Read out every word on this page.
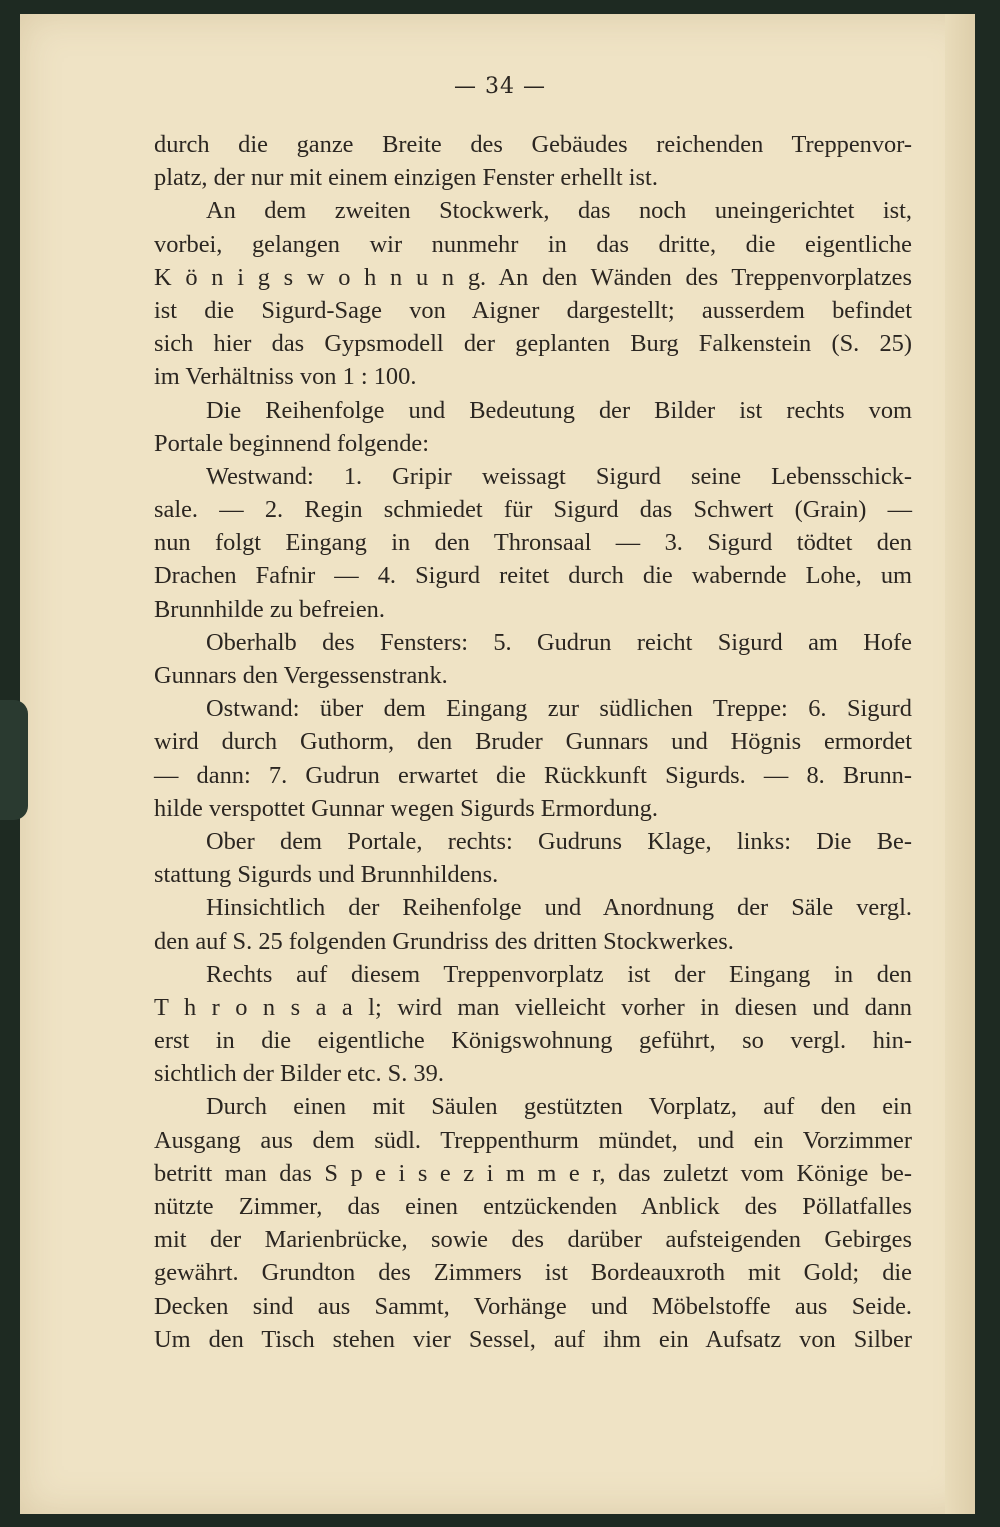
— 34 —
durch die ganze Breite des Gebäudes reichenden Treppenvor-
platz, der nur mit einem einzigen Fenster erhellt ist.
An dem zweiten Stockwerk, das noch uneingerichtet ist,
vorbei, gelangen wir nunmehr in das dritte, die eigentliche
K ö n i g s w o h n u n g. An den Wänden des Treppenvorplatzes
ist die Sigurd-Sage von Aigner dargestellt; ausserdem befindet
sich hier das Gypsmodell der geplanten Burg Falkenstein (S. 25)
im Verhältniss von 1 : 100.
Die Reihenfolge und Bedeutung der Bilder ist rechts vom
Portale beginnend folgende:
Westwand: 1. Gripir weissagt Sigurd seine Lebensschick-
sale. — 2. Regin schmiedet für Sigurd das Schwert (Grain) —
nun folgt Eingang in den Thronsaal — 3. Sigurd tödtet den
Drachen Fafnir — 4. Sigurd reitet durch die wabernde Lohe, um
Brunnhilde zu befreien.
Oberhalb des Fensters: 5. Gudrun reicht Sigurd am Hofe
Gunnars den Vergessenstrank.
Ostwand: über dem Eingang zur südlichen Treppe: 6. Sigurd
wird durch Guthorm, den Bruder Gunnars und Högnis ermordet
— dann: 7. Gudrun erwartet die Rückkunft Sigurds. — 8. Brunn-
hilde verspottet Gunnar wegen Sigurds Ermordung.
Ober dem Portale, rechts: Gudruns Klage, links: Die Be-
stattung Sigurds und Brunnhildens.
Hinsichtlich der Reihenfolge und Anordnung der Säle vergl.
den auf S. 25 folgenden Grundriss des dritten Stockwerkes.
Rechts auf diesem Treppenvorplatz ist der Eingang in den
T h r o n s a a l; wird man vielleicht vorher in diesen und dann
erst in die eigentliche Königswohnung geführt, so vergl. hin-
sichtlich der Bilder etc. S. 39.
Durch einen mit Säulen gestützten Vorplatz, auf den ein
Ausgang aus dem südl. Treppenthurm mündet, und ein Vorzimmer
betritt man das S p e i s e z i m m e r, das zuletzt vom Könige be-
nützte Zimmer, das einen entzückenden Anblick des Pöllatfalles
mit der Marienbrücke, sowie des darüber aufsteigenden Gebirges
gewährt. Grundton des Zimmers ist Bordeauxroth mit Gold; die
Decken sind aus Sammt, Vorhänge und Möbelstoffe aus Seide.
Um den Tisch stehen vier Sessel, auf ihm ein Aufsatz von Silber
